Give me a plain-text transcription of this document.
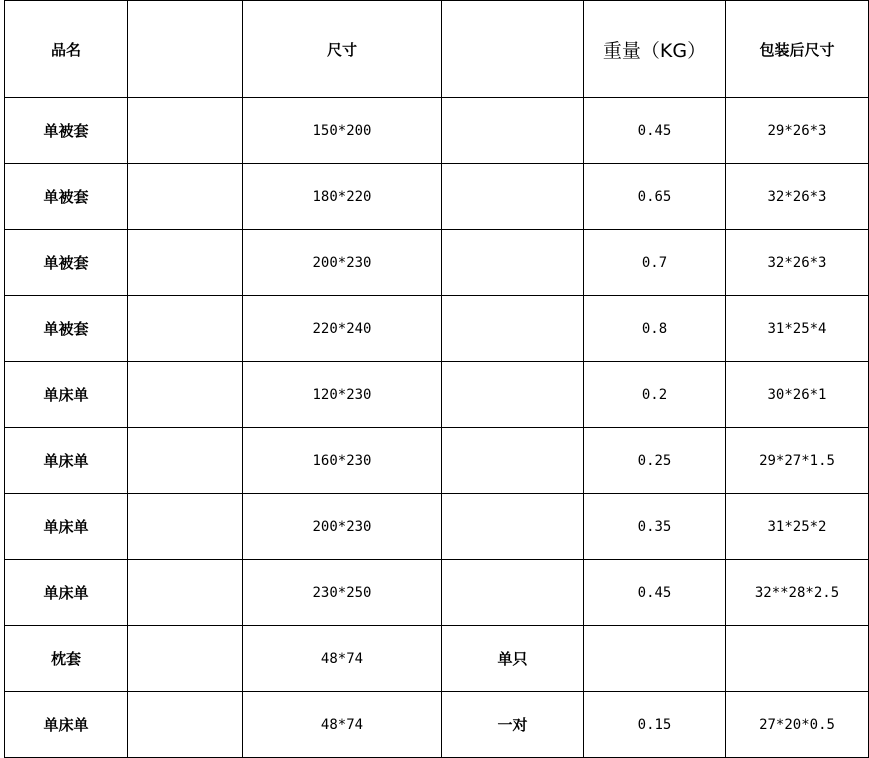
品名		尺寸		重量（KG）	包装后尺寸
单被套		150*200		0.45	29*26*3
单被套		180*220		0.65	32*26*3
单被套		200*230		0.7	32*26*3
单被套		220*240		0.8	31*25*4
单床单		120*230		0.2	30*26*1
单床单		160*230		0.25	29*27*1.5
单床单		200*230		0.35	31*25*2
单床单		230*250		0.45	32**28*2.5
枕套		48*74	单只		
单床单		48*74	一对	0.15	27*20*0.5
